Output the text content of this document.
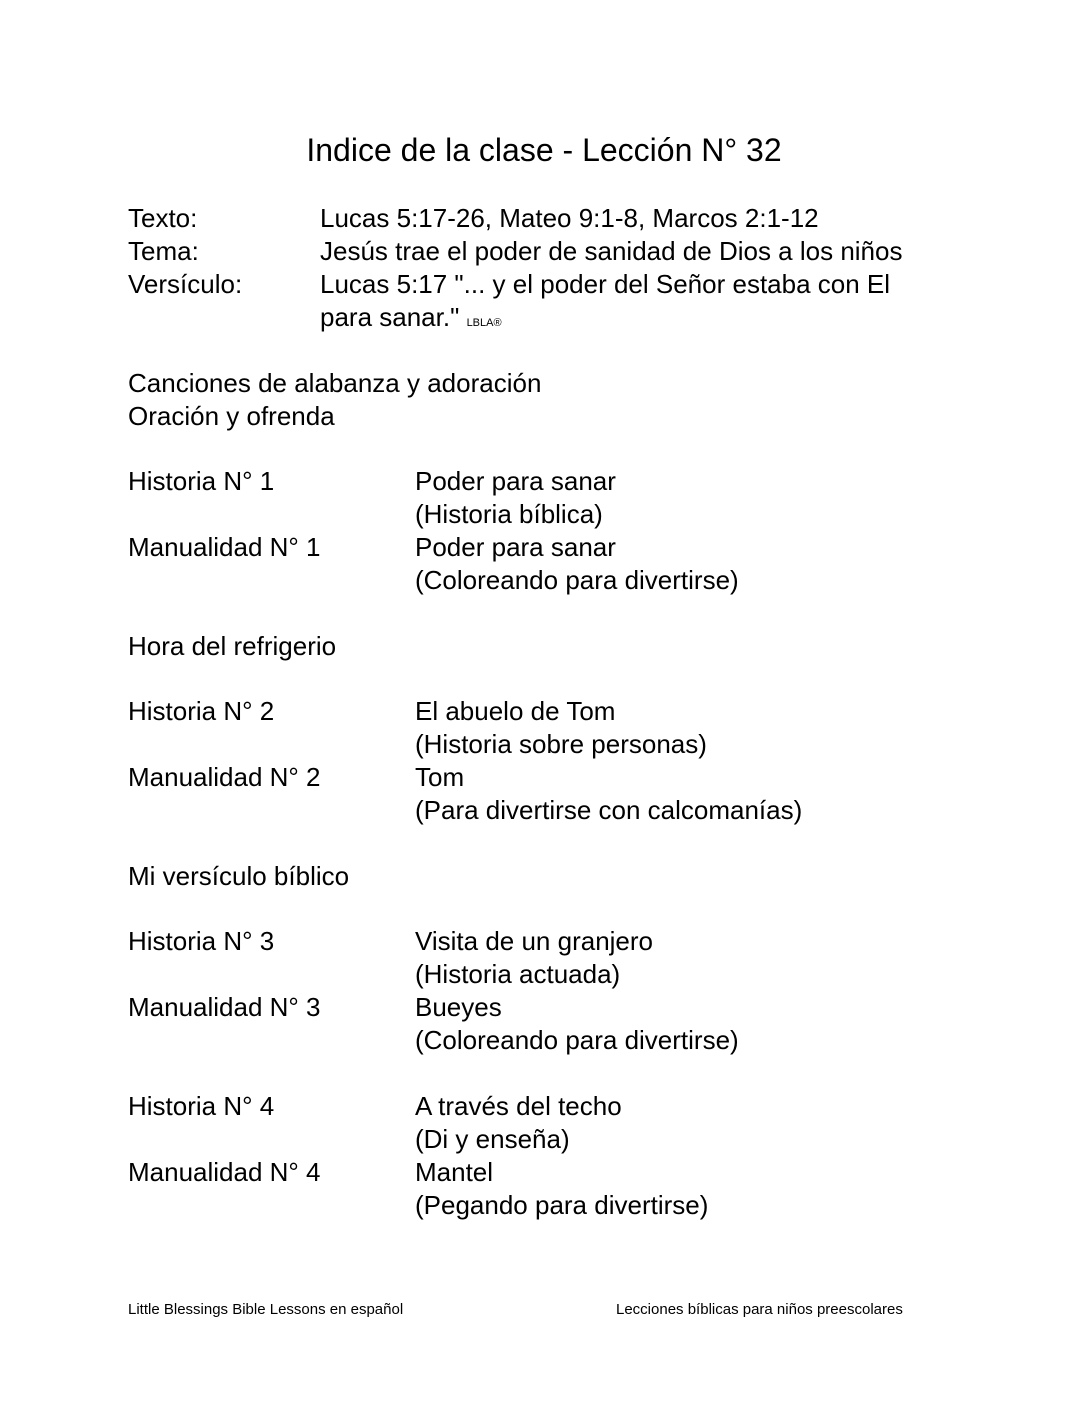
Indice de la clase - Lección N° 32
Texto:	Lucas 5:17-26, Mateo 9:1-8, Marcos 2:1-12
Tema:	Jesús trae el poder de sanidad de Dios a los niños
Versículo:	Lucas 5:17 "... y el poder del Señor estaba con El
para sanar." LBLA®
Canciones de alabanza y adoración
Oración y ofrenda
Historia N° 1	Poder para sanar
(Historia bíblica)
Manualidad N° 1	Poder para sanar
(Coloreando para divertirse)
Hora del refrigerio
Historia N° 2	El abuelo de Tom
(Historia sobre personas)
Manualidad N° 2	Tom
(Para divertirse con calcomanías)
Mi versículo bíblico
Historia N° 3	Visita de un granjero
(Historia actuada)
Manualidad N° 3	Bueyes
(Coloreando para divertirse)
Historia N° 4	A través del techo
(Di y enseña)
Manualidad N° 4	Mantel
(Pegando para divertirse)
Little Blessings Bible Lessons en español	Lecciones bíblicas para niños preescolares
